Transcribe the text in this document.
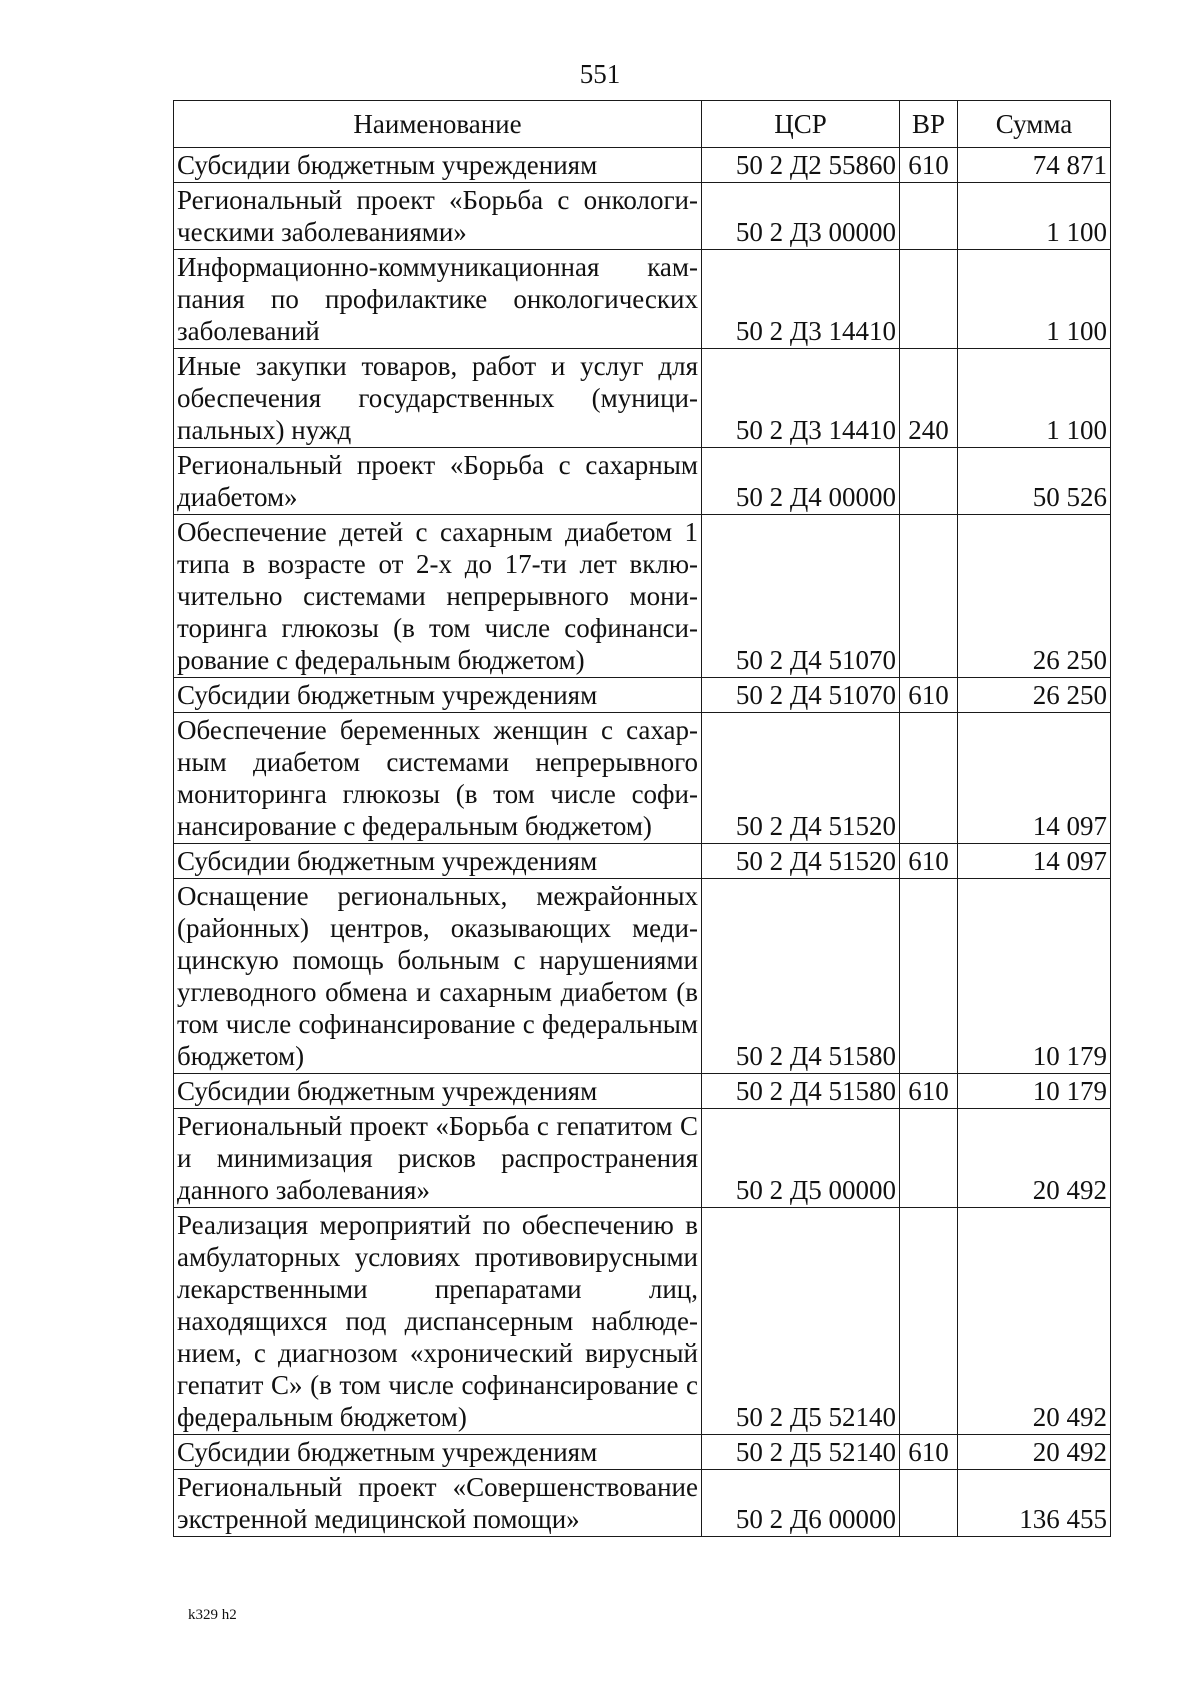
551
Наименование	ЦСР	ВР	Сумма
Субсидии бюджетным учреждениям	50 2 Д2 55860	610	74 871
Региональный проект «Борьба с онкологическими заболеваниями»	50 2 Д3 00000		1 100
Информационно-коммуникационная кампания по профилактике онкологических заболеваний	50 2 Д3 14410		1 100
Иные закупки товаров, работ и услуг для обеспечения государственных (муниципальных) нужд	50 2 Д3 14410	240	1 100
Региональный проект «Борьба с сахарным диабетом»	50 2 Д4 00000		50 526
Обеспечение детей с сахарным диабетом 1 типа в возрасте от 2-х до 17-ти лет включительно системами непрерывного мониторинга глюкозы (в том числе софинансирование с федеральным бюджетом)	50 2 Д4 51070		26 250
Субсидии бюджетным учреждениям	50 2 Д4 51070	610	26 250
Обеспечение беременных женщин с сахарным диабетом системами непрерывного мониторинга глюкозы (в том числе софинансирование с федеральным бюджетом)	50 2 Д4 51520		14 097
Субсидии бюджетным учреждениям	50 2 Д4 51520	610	14 097
Оснащение региональных, межрайонных (районных) центров, оказывающих медицинскую помощь больным с нарушениями углеводного обмена и сахарным диабетом (в том числе софинансирование с федеральным бюджетом)	50 2 Д4 51580		10 179
Субсидии бюджетным учреждениям	50 2 Д4 51580	610	10 179
Региональный проект «Борьба с гепатитом С и минимизация рисков распространения данного заболевания»	50 2 Д5 00000		20 492
Реализация мероприятий по обеспечению в амбулаторных условиях противовирусными лекарственными препаратами лиц, находящихся под диспансерным наблюдением, с диагнозом «хронический вирусный гепатит С» (в том числе софинансирование с федеральным бюджетом)	50 2 Д5 52140		20 492
Субсидии бюджетным учреждениям	50 2 Д5 52140	610	20 492
Региональный проект «Совершенствование экстренной медицинской помощи»	50 2 Д6 00000		136 455
k329 h2
